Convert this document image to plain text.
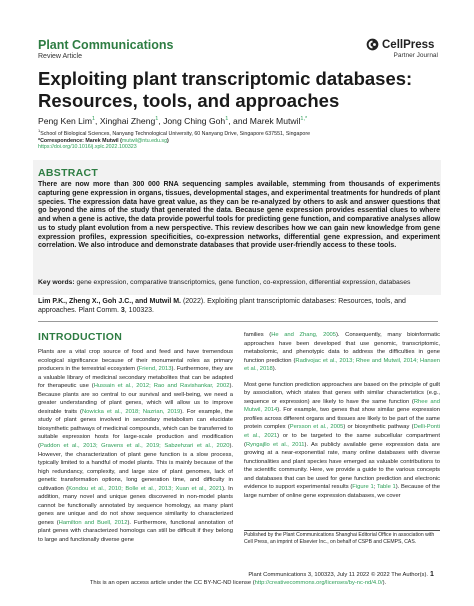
Plant Communications
Review Article
CellPress
Partner Journal
Exploiting plant transcriptomic databases: Resources, tools, and approaches
Peng Ken Lim$^1$, Xinghai Zheng$^1$, Jong Ching Goh$^1$, and Marek Mutwil$^{1,*}$
$^1$School of Biological Sciences, Nanyang Technological University, 60 Nanyang Drive, Singapore 637551, Singapore
*Correspondence: Marek Mutwil (mutwil@ntu.edu.sg)
https://doi.org/10.1016/j.xplc.2022.100323
ABSTRACT
There are now more than 300 000 RNA sequencing samples available, stemming from thousands of experiments capturing gene expression in organs, tissues, developmental stages, and experimental treatments for hundreds of plant species. The expression data have great value, as they can be re-analyzed by others to ask and answer questions that go beyond the aims of the study that generated the data. Because gene expression provides essential clues to where and when a gene is active, the data provide powerful tools for predicting gene function, and comparative analyses allow us to study plant evolution from a new perspective. This review describes how we can gain new knowledge from gene expression profiles, expression specificities, co-expression networks, differential gene expression, and experiment correlation. We also introduce and demonstrate databases that provide user-friendly access to these tools.
Key words: gene expression, comparative transcriptomics, gene function, co-expression, differential expression, databases
Lim P.K., Zheng X., Goh J.C., and Mutwil M. (2022). Exploiting plant transcriptomic databases: Resources, tools, and approaches. Plant Comm. 3, 100323.
INTRODUCTION

Plants are a vital crop source of food and feed and have tremendous ecological significance because of their monumental roles as primary producers in the terrestrial ecosystem (Friend, 2013). Furthermore, they are a valuable library of medicinal secondary metabolites that can be adapted for therapeutic use (Hussain et al., 2012; Rao and Ravishankar, 2002). Because plants are so central to our survival and well-being, we need a greater understanding of plant genes, which will allow us to improve desirable traits (Nowicka et al., 2018; Nazrian, 2019). For example, the study of plant genes involved in secondary metabolism can elucidate biosynthetic pathways of medicinal compounds, which can be transferred to suitable expression hosts for large-scale production and modification (Paddon et al., 2013; Gravens et al., 2019; Sabzehzari et al., 2020). However, the characterization of plant gene function is a slow process, typically limited to a handful of model plants. This is mainly because of the high redundancy, complexity, and large size of plant genomes, lack of genetic transformation options, long generation time, and difficulty in cultivation (Kondou et al., 2010; Bolle et al., 2013; Xuan et al., 2021). In addition, many novel and unique genes discovered in non-model plants cannot be functionally annotated by sequence homology, as many plant genes are unique and do not show sequence similarity to characterized genes (Hamilton and Buell, 2012). Furthermore, functional annotation of plant genes with characterized homologs can still be difficult if they belong to large and functionally diverse gene

families (He and Zhang, 2005). Consequently, many bioinformatic approaches have been developed that use genomic, transcriptomic, metabolomic, and phenotypic data to address the difficulties in gene function prediction (Radivojac et al., 2013; Rhee and Mutwil, 2014; Hansen et al., 2018).

Most gene function prediction approaches are based on the principle of guilt by association, which states that genes with similar characteristics (e.g., sequence or expression) are likely to have the same function (Rhee and Mutwil, 2014). For example, two genes that show similar gene expression profiles across different organs and tissues are likely to be part of the same protein complex (Persson et al., 2005) or biosynthetic pathway (Delli-Ponti et al., 2021) or to be targeted to the same subcellular compartment (Ryngajllo et al., 2011). As publicly available gene expression data are growing at a near-exponential rate, many online databases with diverse functionalities and plant species have emerged as valuable contributions to the scientific community. Here, we provide a guide to the various concepts and databases that can be used for gene function prediction and electronic evidence to support experimental results (Figure 1; Table 1). Because of the large number of online gene expression databases, we cover

Published by the Plant Communications Shanghai Editorial Office in association with Cell Press, an imprint of Elsevier Inc., on behalf of CSPB and CEMPS, CAS.
Plant Communications 3, 100323, July 11 2022 © 2022 The Author(s). 1
This is an open access article under the CC BY-NC-ND license (http://creativecommons.org/licenses/by-nc-nd/4.0/).
